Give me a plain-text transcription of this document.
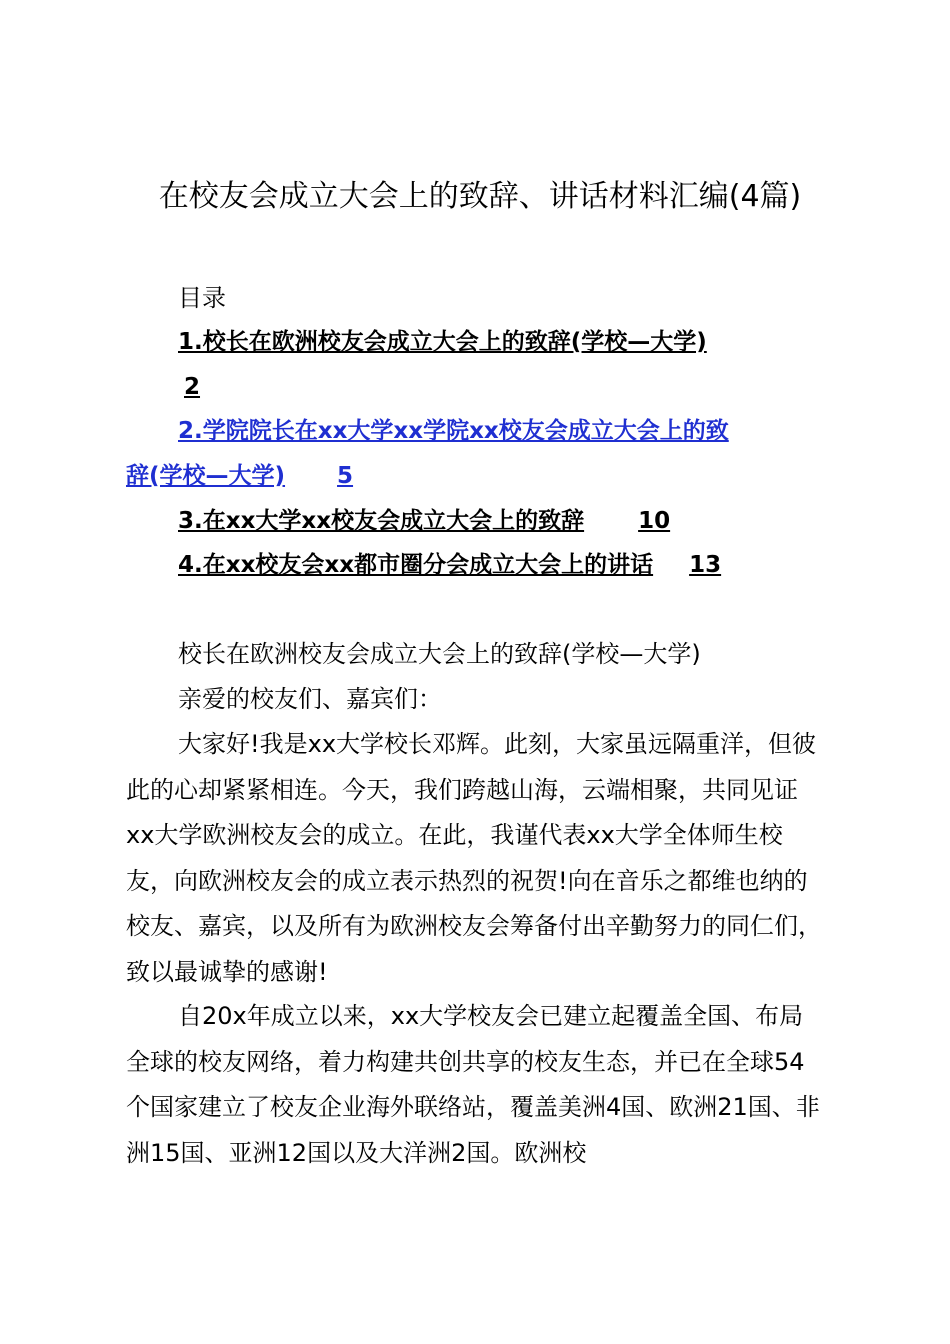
在校友会成立大会上的致辞、讲话材料汇编(4篇)

目录

1.校长在欧洲校友会成立大会上的致辞(学校—大学)

2

2.学院院长在xx大学xx学院xx校友会成立大会上的致

辞(学校—大学) 5

3.在xx大学xx校友会成立大会上的致辞 10

4.在xx校友会xx都市圈分会成立大会上的讲话 13

校长在欧洲校友会成立大会上的致辞(学校—大学)

亲爱的校友们、嘉宾们：

大家好!我是xx大学校长邓辉。此刻，大家虽远隔重洋，但彼此的心却紧紧相连。今天，我们跨越山海，云端相聚，共同见证xx大学欧洲校友会的成立。在此，我谨代表xx大学全体师生校友，向欧洲校友会的成立表示热烈的祝贺!向在音乐之都维也纳的校友、嘉宾，以及所有为欧洲校友会筹备付出辛勤努力的同仁们，致以最诚挚的感谢!

自20x年成立以来，xx大学校友会已建立起覆盖全国、布局全球的校友网络，着力构建共创共享的校友生态，并已在全球54个国家建立了校友企业海外联络站，覆盖美洲4国、欧洲21国、非洲15国、亚洲12国以及大洋洲2国。欧洲校
